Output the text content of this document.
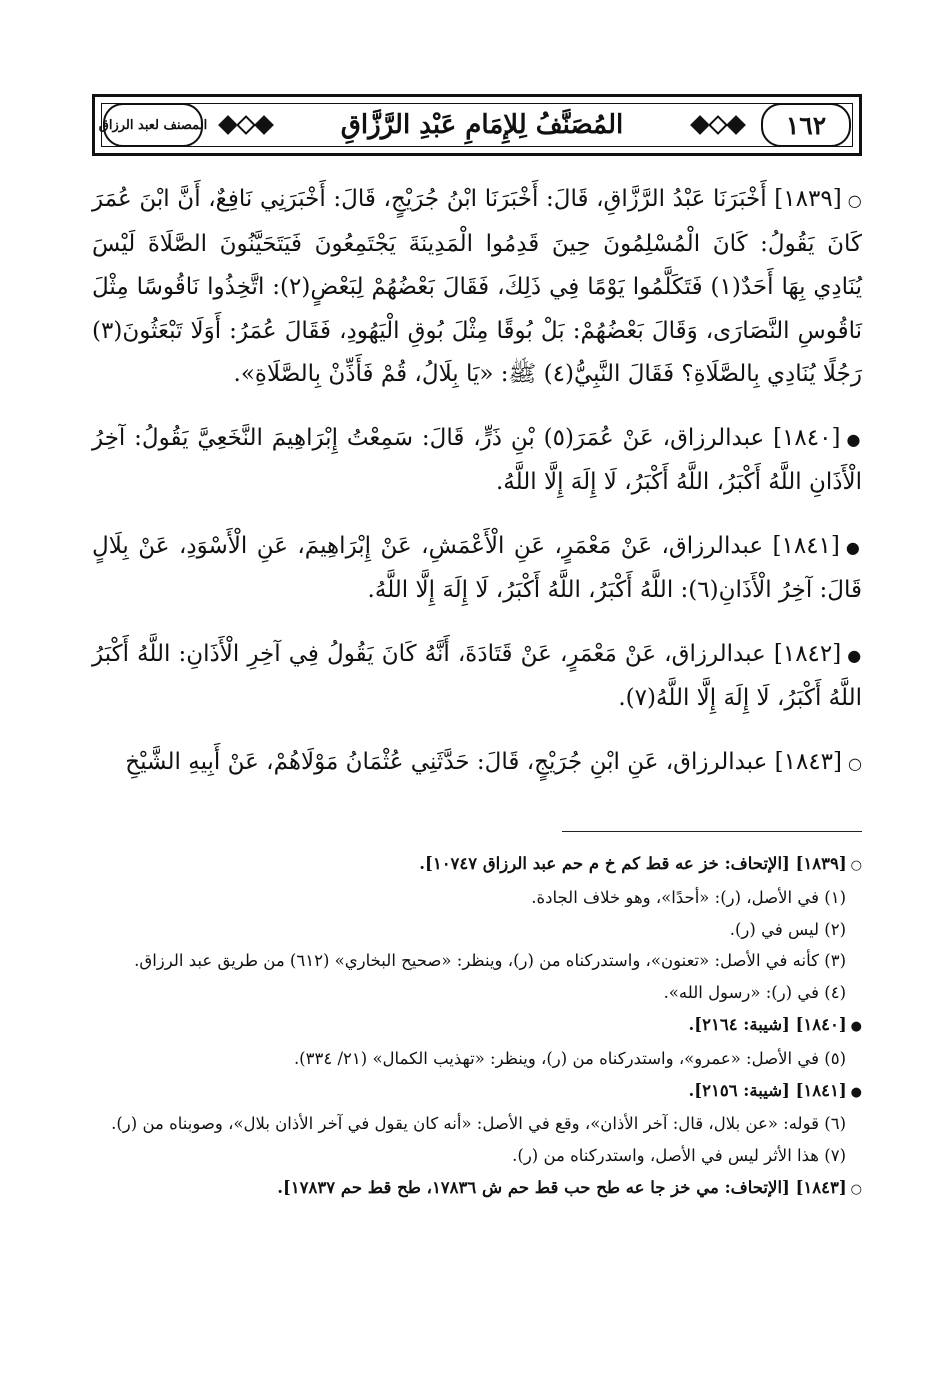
المصنف لعبد الرزاق	المُصَنَّفُ لِلإِمَامِ عَبْدِ الرَّزَّاقِ	١٦٢

○[١٨٣٩] أَخْبَرَنَا عَبْدُ الرَّزَّاقِ، قَالَ: أَخْبَرَنَا ابْنُ جُرَيْجٍ، قَالَ: أَخْبَرَنِي نَافِعٌ، أَنَّ ابْنَ عُمَرَ كَانَ يَقُولُ: كَانَ الْمُسْلِمُونَ حِينَ قَدِمُوا الْمَدِينَةَ يَجْتَمِعُونَ فَيَتَحَيَّنُونَ الصَّلَاةَ لَيْسَ يُنَادِي بِهَا أَحَدٌ(١) فَتَكَلَّمُوا يَوْمًا فِي ذَلِكَ، فَقَالَ بَعْضُهُمْ لِبَعْضٍ(٢): اتَّخِذُوا نَاقُوسًا مِثْلَ نَاقُوسِ النَّصَارَى، وَقَالَ بَعْضُهُمْ: بَلْ بُوقًا مِثْلَ بُوقِ الْيَهُودِ، فَقَالَ عُمَرُ: أَوَلَا تَبْعَثُونَ(٣) رَجُلًا يُنَادِي بِالصَّلَاةِ؟ فَقَالَ النَّبِيُّ(٤) ﷺ: «يَا بِلَالُ، قُمْ فَأَذِّنْ بِالصَّلَاةِ».

●[١٨٤٠] عبدالرزاق، عَنْ عُمَرَ(٥) بْنِ ذَرٍّ، قَالَ: سَمِعْتُ إِبْرَاهِيمَ النَّخَعِيَّ يَقُولُ: آخِرُ الْأَذَانِ اللَّهُ أَكْبَرُ، اللَّهُ أَكْبَرُ، لَا إِلَهَ إِلَّا اللَّهُ.

●[١٨٤١] عبدالرزاق، عَنْ مَعْمَرٍ، عَنِ الْأَعْمَشِ، عَنْ إِبْرَاهِيمَ، عَنِ الْأَسْوَدِ، عَنْ بِلَالٍ قَالَ: آخِرُ الْأَذَانِ(٦): اللَّهُ أَكْبَرُ، اللَّهُ أَكْبَرُ، لَا إِلَهَ إِلَّا اللَّهُ.

●[١٨٤٢] عبدالرزاق، عَنْ مَعْمَرٍ، عَنْ قَتَادَةَ، أَنَّهُ كَانَ يَقُولُ فِي آخِرِ الْأَذَانِ: اللَّهُ أَكْبَرُ اللَّهُ أَكْبَرُ، لَا إِلَهَ إِلَّا اللَّهُ(٧).

○[١٨٤٣] عبدالرزاق، عَنِ ابْنِ جُرَيْجٍ، قَالَ: حَدَّثَنِي عُثْمَانُ مَوْلَاهُمْ، عَنْ أَبِيهِ الشَّيْخِ

○[١٨٣٩] [الإتحاف: خز عه قط كم خ م حم عبد الرزاق ١٠٧٤٧].

(١) في الأصل، (ر): «أحدًا»، وهو خلاف الجادة.

(٢) ليس في (ر).

(٣) كأنه في الأصل: «تعنون»، واستدركناه من (ر)، وينظر: «صحيح البخاري» (٦١٢) من طريق عبد الرزاق.

(٤) في (ر): «رسول الله».

●[١٨٤٠] [شيبة: ٢١٦٤].

(٥) في الأصل: «عمرو»، واستدركناه من (ر)، وينظر: «تهذيب الكمال» (٢١/ ٣٣٤).

●[١٨٤١] [شيبة: ٢١٥٦].

(٦) قوله: «عن بلال، قال: آخر الأذان»، وقع في الأصل: «أنه كان يقول في آخر الأذان بلال»، وصوبناه من (ر).

(٧) هذا الأثر ليس في الأصل، واستدركناه من (ر).

○[١٨٤٣] [الإتحاف: مي خز جا عه طح حب قط حم ش ١٧٨٣٦، طح قط حم ١٧٨٣٧].
